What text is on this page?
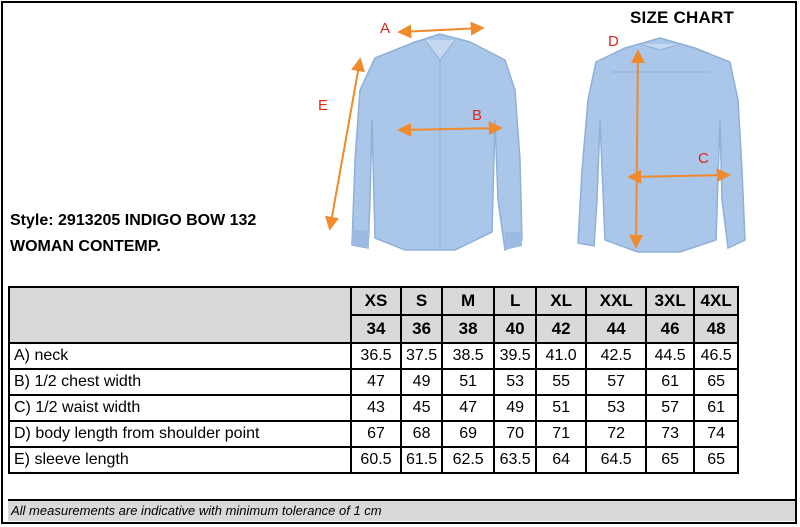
SIZE CHART
Style: 2913205 INDIGO BOW 132
WOMAN CONTEMP.
A
B
C
D
E
	XS	S	M	L	XL	XXL	3XL	4XL
	34	36	38	40	42	44	46	48
A) neck	36.5	37.5	38.5	39.5	41.0	42.5	44.5	46.5
B) 1/2 chest width	47	49	51	53	55	57	61	65
C) 1/2 waist width	43	45	47	49	51	53	57	61
D) body length from shoulder point	67	68	69	70	71	72	73	74
E) sleeve length	60.5	61.5	62.5	63.5	64	64.5	65	65
All measurements are indicative with minimum tolerance of 1 cm
